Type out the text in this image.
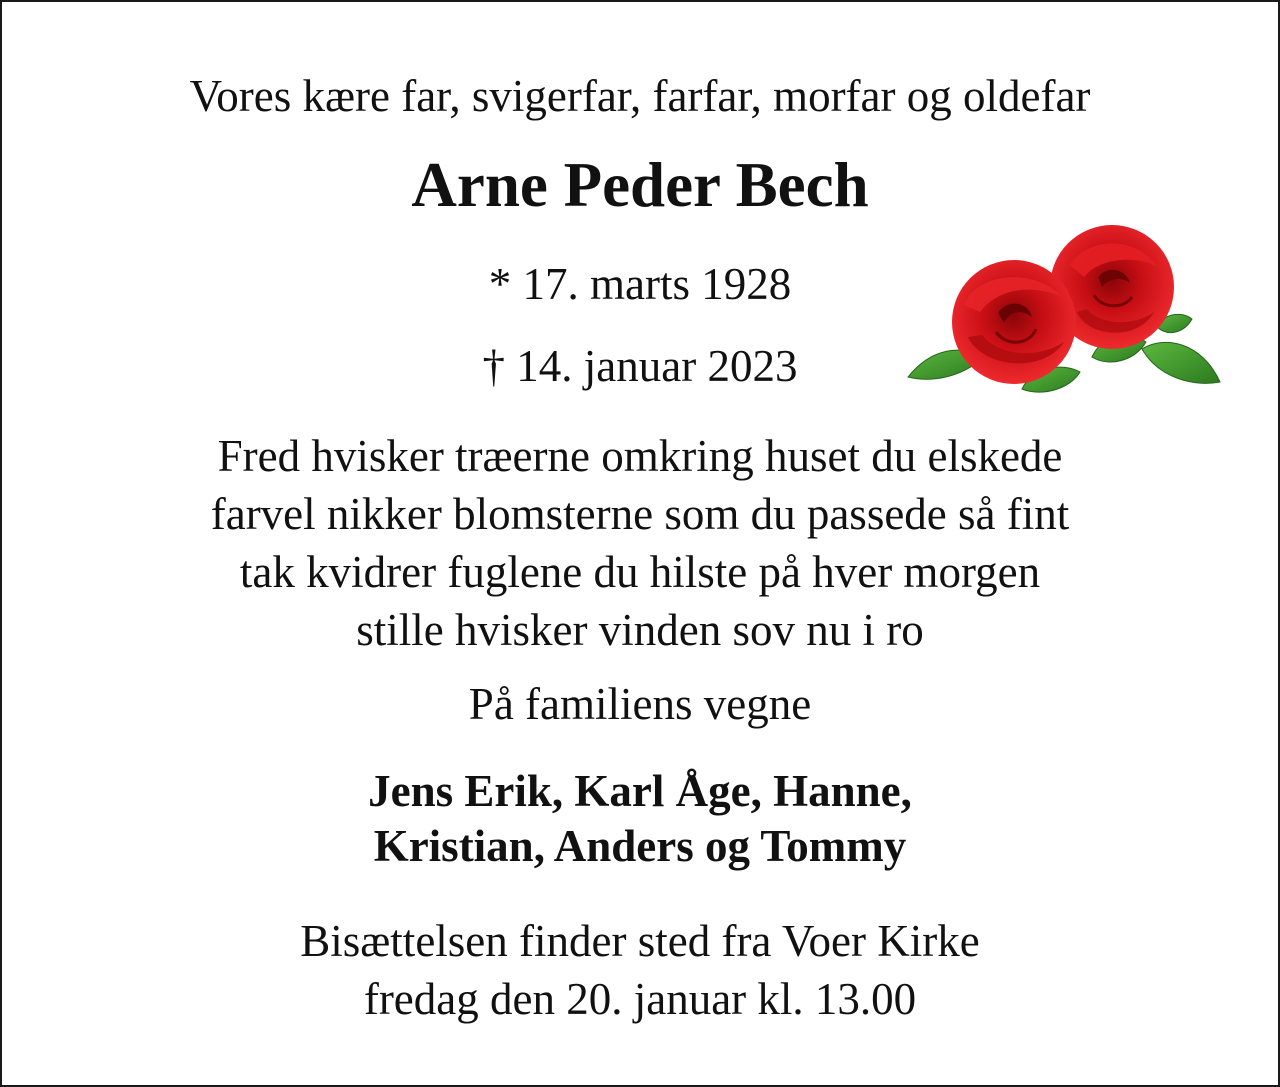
Vores kære far, svigerfar, farfar, morfar og oldefar
Arne Peder Bech
* 17. marts 1928
† 14. januar 2023
Fred hvisker træerne omkring huset du elskede
farvel nikker blomsterne som du passede så fint
tak kvidrer fuglene du hilste på hver morgen
stille hvisker vinden sov nu i ro
På familiens vegne
Jens Erik, Karl Åge, Hanne,
Kristian, Anders og Tommy
Bisættelsen finder sted fra Voer Kirke
fredag den 20. januar kl. 13.00
